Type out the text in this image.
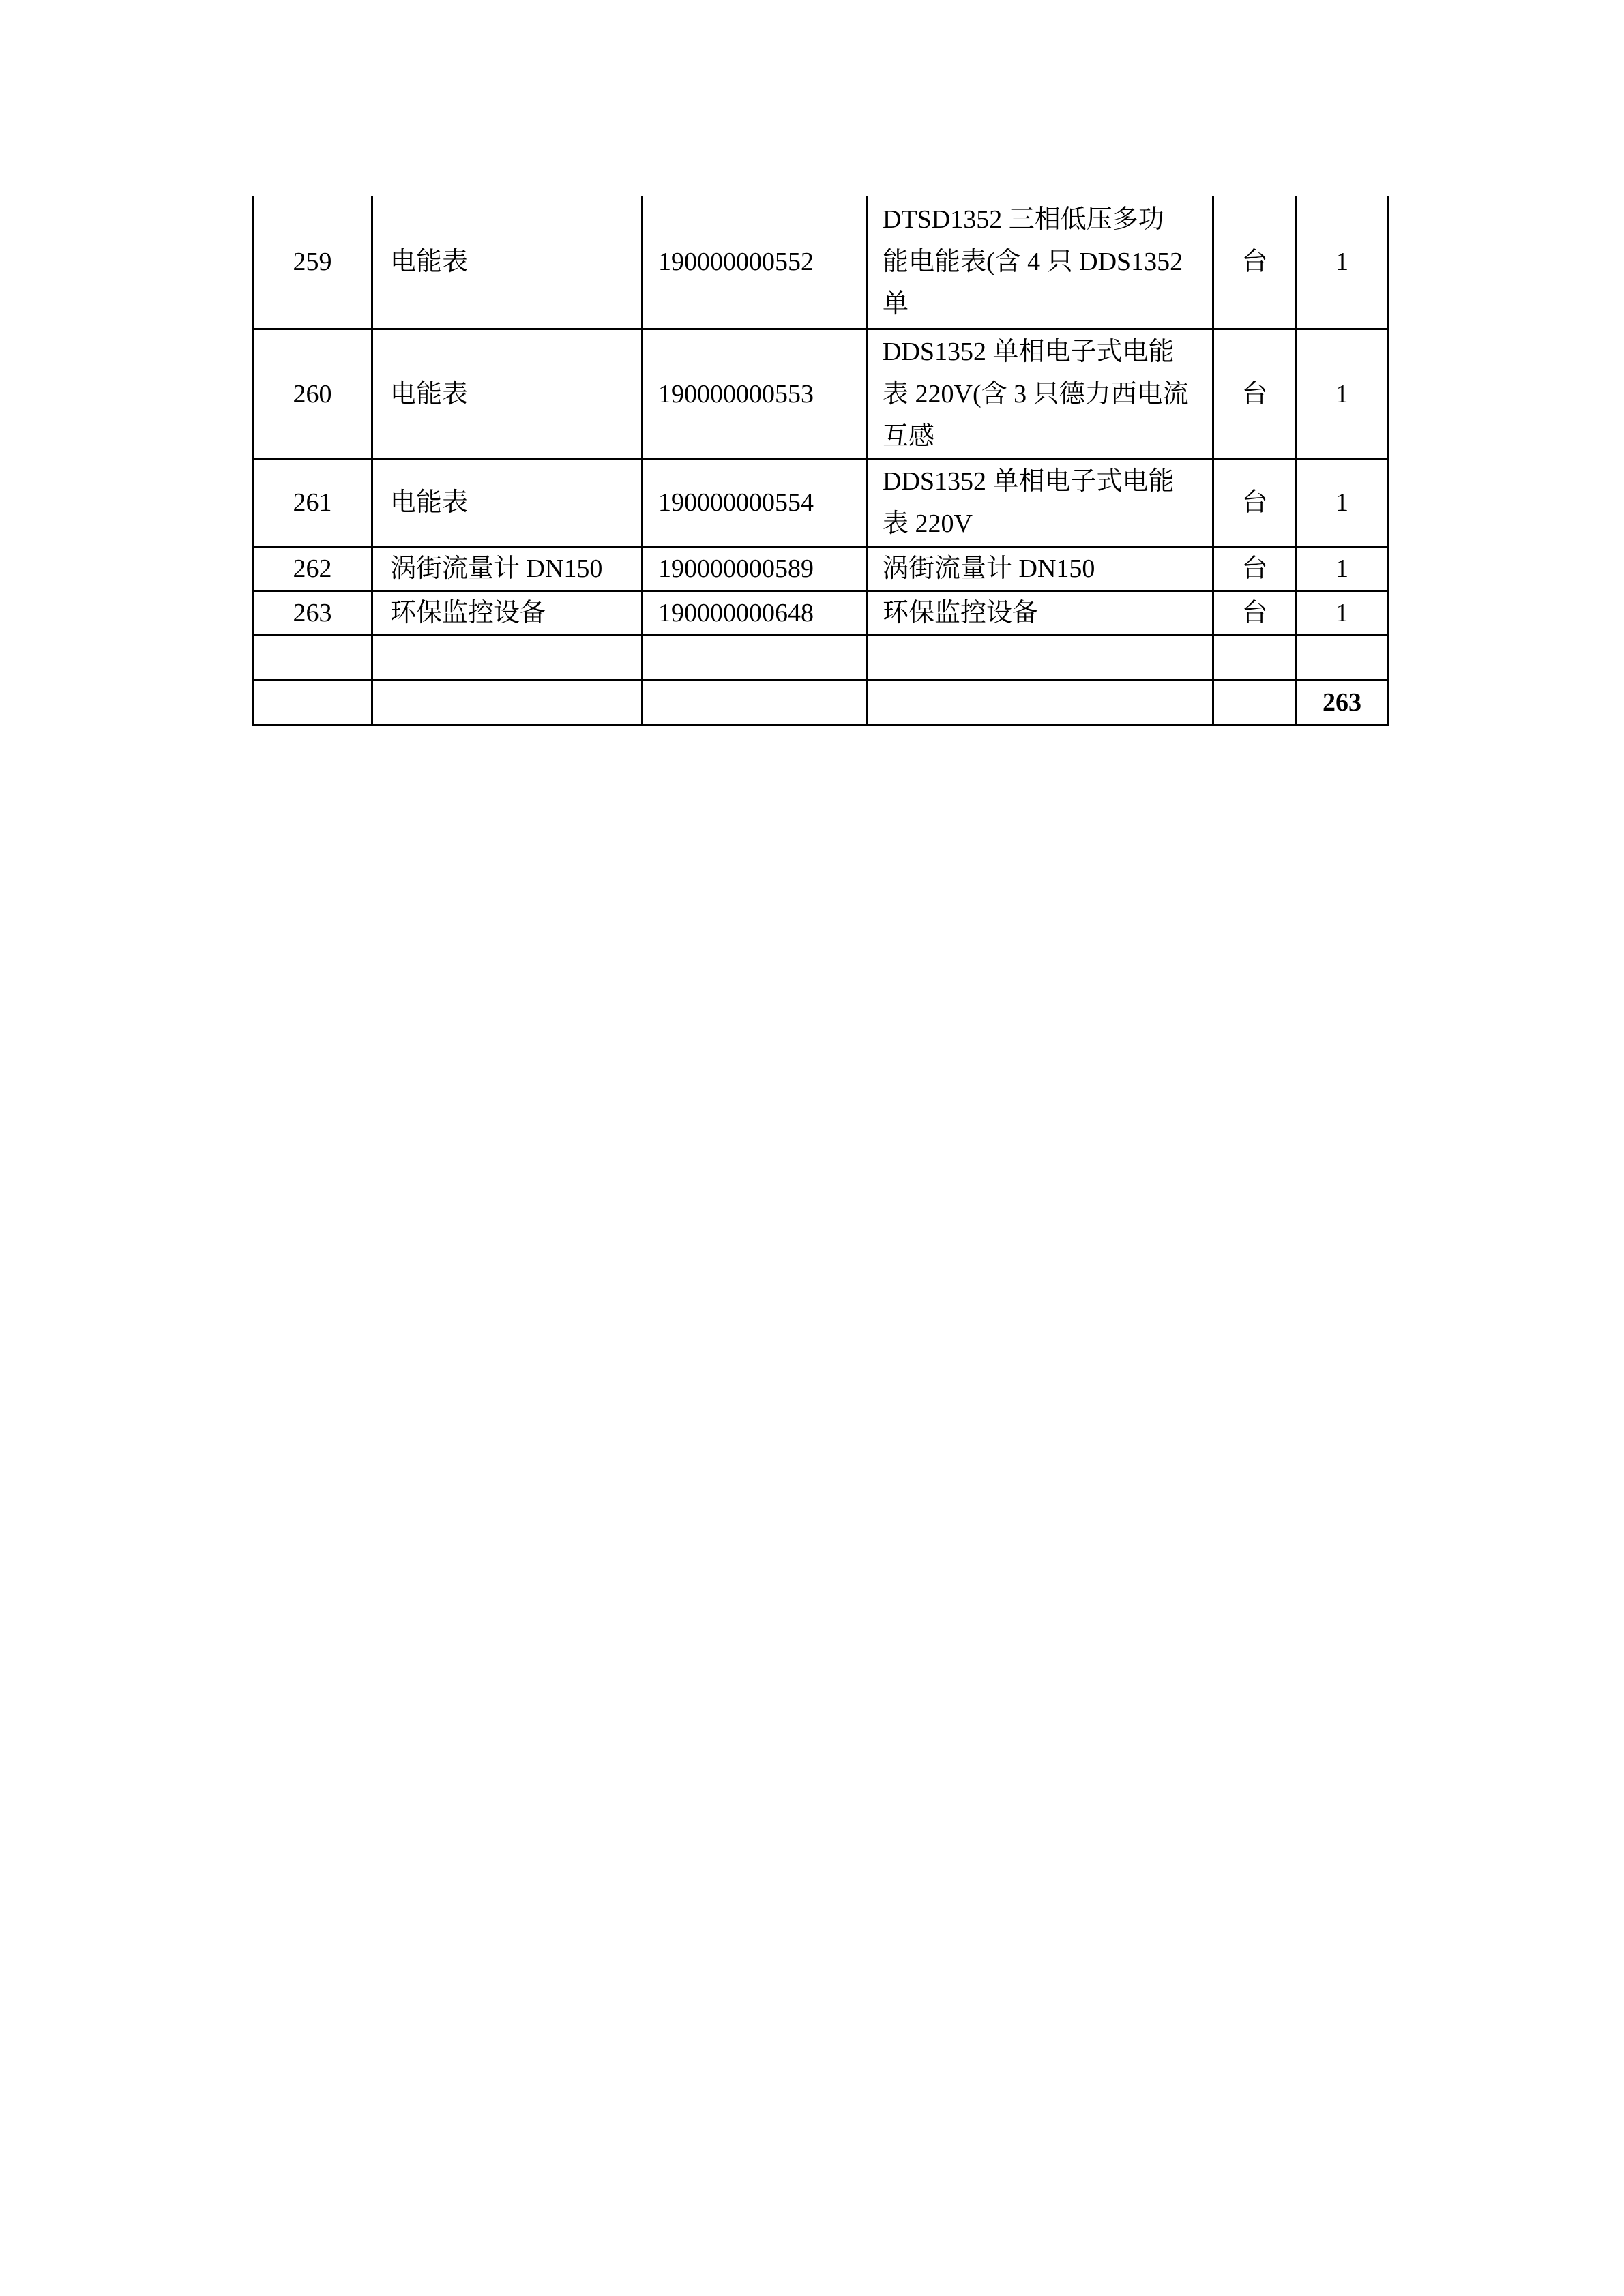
259	电能表	190000000552	DTSD1352 三相低压多功
能电能表(含 4 只 DDS1352
单	台	1
260	电能表	190000000553	DDS1352 单相电子式电能
表 220V(含 3 只德力西电流
互感	台	1
261	电能表	190000000554	DDS1352 单相电子式电能
表 220V	台	1
262	涡街流量计 DN150	190000000589	涡街流量计 DN150	台	1
263	环保监控设备	190000000648	环保监控设备	台	1

					263
